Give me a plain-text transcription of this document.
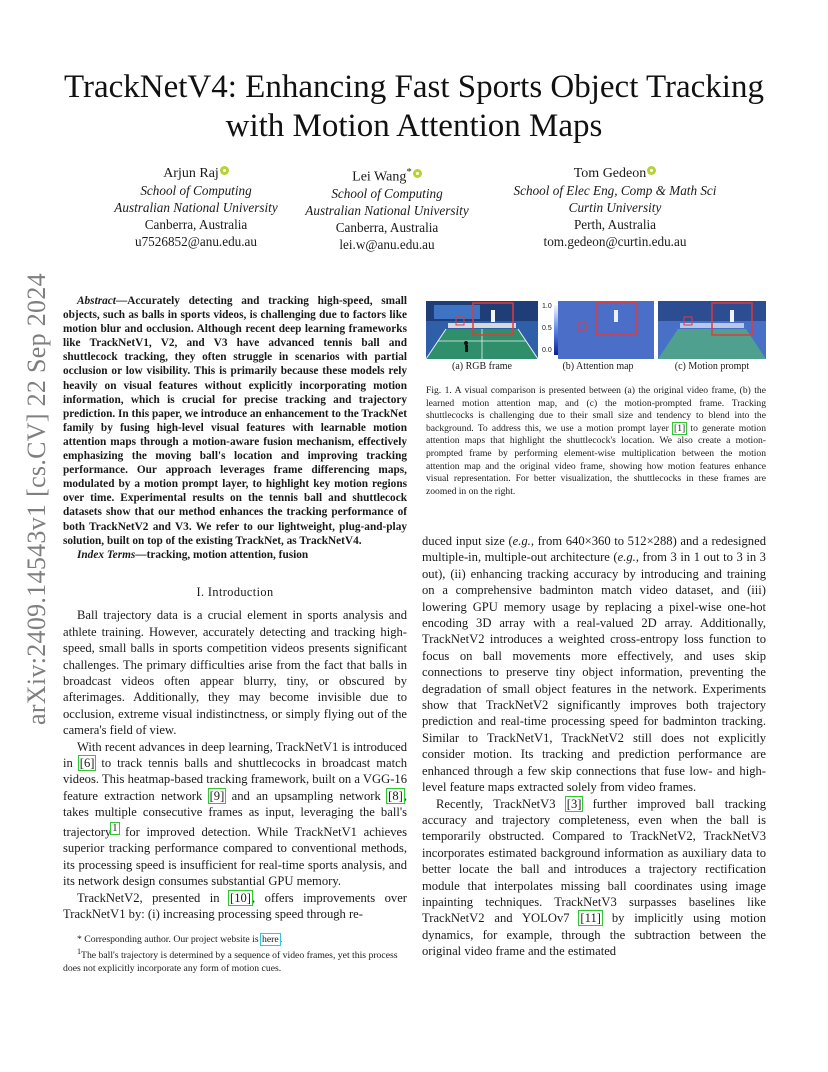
arXiv:2409.14543v1 [cs.CV] 22 Sep 2024
TrackNetV4: Enhancing Fast Sports Object Tracking with Motion Attention Maps
Arjun Raj
School of Computing
Australian National University
Canberra, Australia
u7526852@anu.edu.au
Lei Wang*
School of Computing
Australian National University
Canberra, Australia
lei.w@anu.edu.au
Tom Gedeon
School of Elec Eng, Comp & Math Sci
Curtin University
Perth, Australia
tom.gedeon@curtin.edu.au

Abstract—Accurately detecting and tracking high-speed, small objects, such as balls in sports videos, is challenging due to factors like motion blur and occlusion. Although recent deep learning frameworks like TrackNetV1, V2, and V3 have advanced tennis ball and shuttlecock tracking, they often struggle in scenarios with partial occlusion or low visibility. This is primarily because these models rely heavily on visual features without explicitly incorporating motion information, which is crucial for precise tracking and trajectory prediction. In this paper, we introduce an enhancement to the TrackNet family by fusing high-level visual features with learnable motion attention maps through a motion-aware fusion mechanism, effectively emphasizing the moving ball's location and improving tracking performance. Our approach leverages frame differencing maps, modulated by a motion prompt layer, to highlight key motion regions over time. Experimental results on the tennis ball and shuttlecock datasets show that our method enhances the tracking performance of both TrackNetV2 and V3. We refer to our lightweight, plug-and-play solution, built on top of the existing TrackNet, as TrackNetV4.

Index Terms—tracking, motion attention, fusion

I. Introduction

Ball trajectory data is a crucial element in sports analysis and athlete training. However, accurately detecting and tracking high-speed, small balls in sports competition videos presents significant challenges. The primary difficulties arise from the fact that balls in broadcast videos often appear blurry, tiny, or obscured by afterimages. Additionally, they may become invisible due to occlusion, extreme visual indistinctness, or simply flying out of the camera's field of view.

With recent advances in deep learning, TrackNetV1 is introduced in [6] to track tennis balls and shuttlecocks in broadcast match videos. This heatmap-based tracking framework, built on a VGG-16 feature extraction network [9] and an upsampling network [8], takes multiple consecutive frames as input, leveraging the ball's trajectory$^1$ for improved detection. While TrackNetV1 achieves superior tracking performance compared to conventional methods, its processing speed is insufficient for real-time sports analysis, and its network design consumes substantial GPU memory.

TrackNetV2, presented in [10], offers improvements over TrackNetV1 by: (i) increasing processing speed through re-

* Corresponding author. Our project website is here.

$^1$The ball's trajectory is determined by a sequence of video frames, yet this process does not explicitly incorporate any form of motion cues.

1.0
0.5
0.0
(a) RGB frame	(b) Attention map	(c) Motion prompt
Fig. 1. A visual comparison is presented between (a) the original video frame, (b) the learned motion attention map, and (c) the motion-prompted frame. Tracking shuttlecocks is challenging due to their small size and tendency to blend into the background. To address this, we use a motion prompt layer [1] to generate motion attention maps that highlight the shuttlecock's location. We also create a motion-prompted frame by performing element-wise multiplication between the motion attention map and the original video frame, showing how motion features enhance visual representation. For better visualization, the shuttlecocks in these frames are zoomed in on the right.

duced input size (e.g., from 640×360 to 512×288) and a redesigned multiple-in, multiple-out architecture (e.g., from 3 in 1 out to 3 in 3 out), (ii) enhancing tracking accuracy by introducing and training on a comprehensive badminton match video dataset, and (iii) lowering GPU memory usage by replacing a pixel-wise one-hot encoding 3D array with a real-valued 2D array. Additionally, TrackNetV2 introduces a weighted cross-entropy loss function to focus on ball movements more effectively, and uses skip connections to preserve tiny object information, preventing the degradation of small object features in the network. Experiments show that TrackNetV2 significantly improves both trajectory prediction and real-time processing speed for badminton tracking. Similar to TrackNetV1, TrackNetV2 still does not explicitly consider motion. Its tracking and prediction performance are enhanced through a few skip connections that fuse low- and high-level feature maps extracted solely from video frames.

Recently, TrackNetV3 [3] further improved ball tracking accuracy and trajectory completeness, even when the ball is temporarily obstructed. Compared to TrackNetV2, TrackNetV3 incorporates estimated background information as auxiliary data to better locate the ball and introduces a trajectory rectification module that interpolates missing ball coordinates using image inpainting techniques. TrackNetV3 surpasses baselines like TrackNetV2 and YOLOv7 [11] by implicitly using motion dynamics, for example, through the subtraction between the original video frame and the estimated
